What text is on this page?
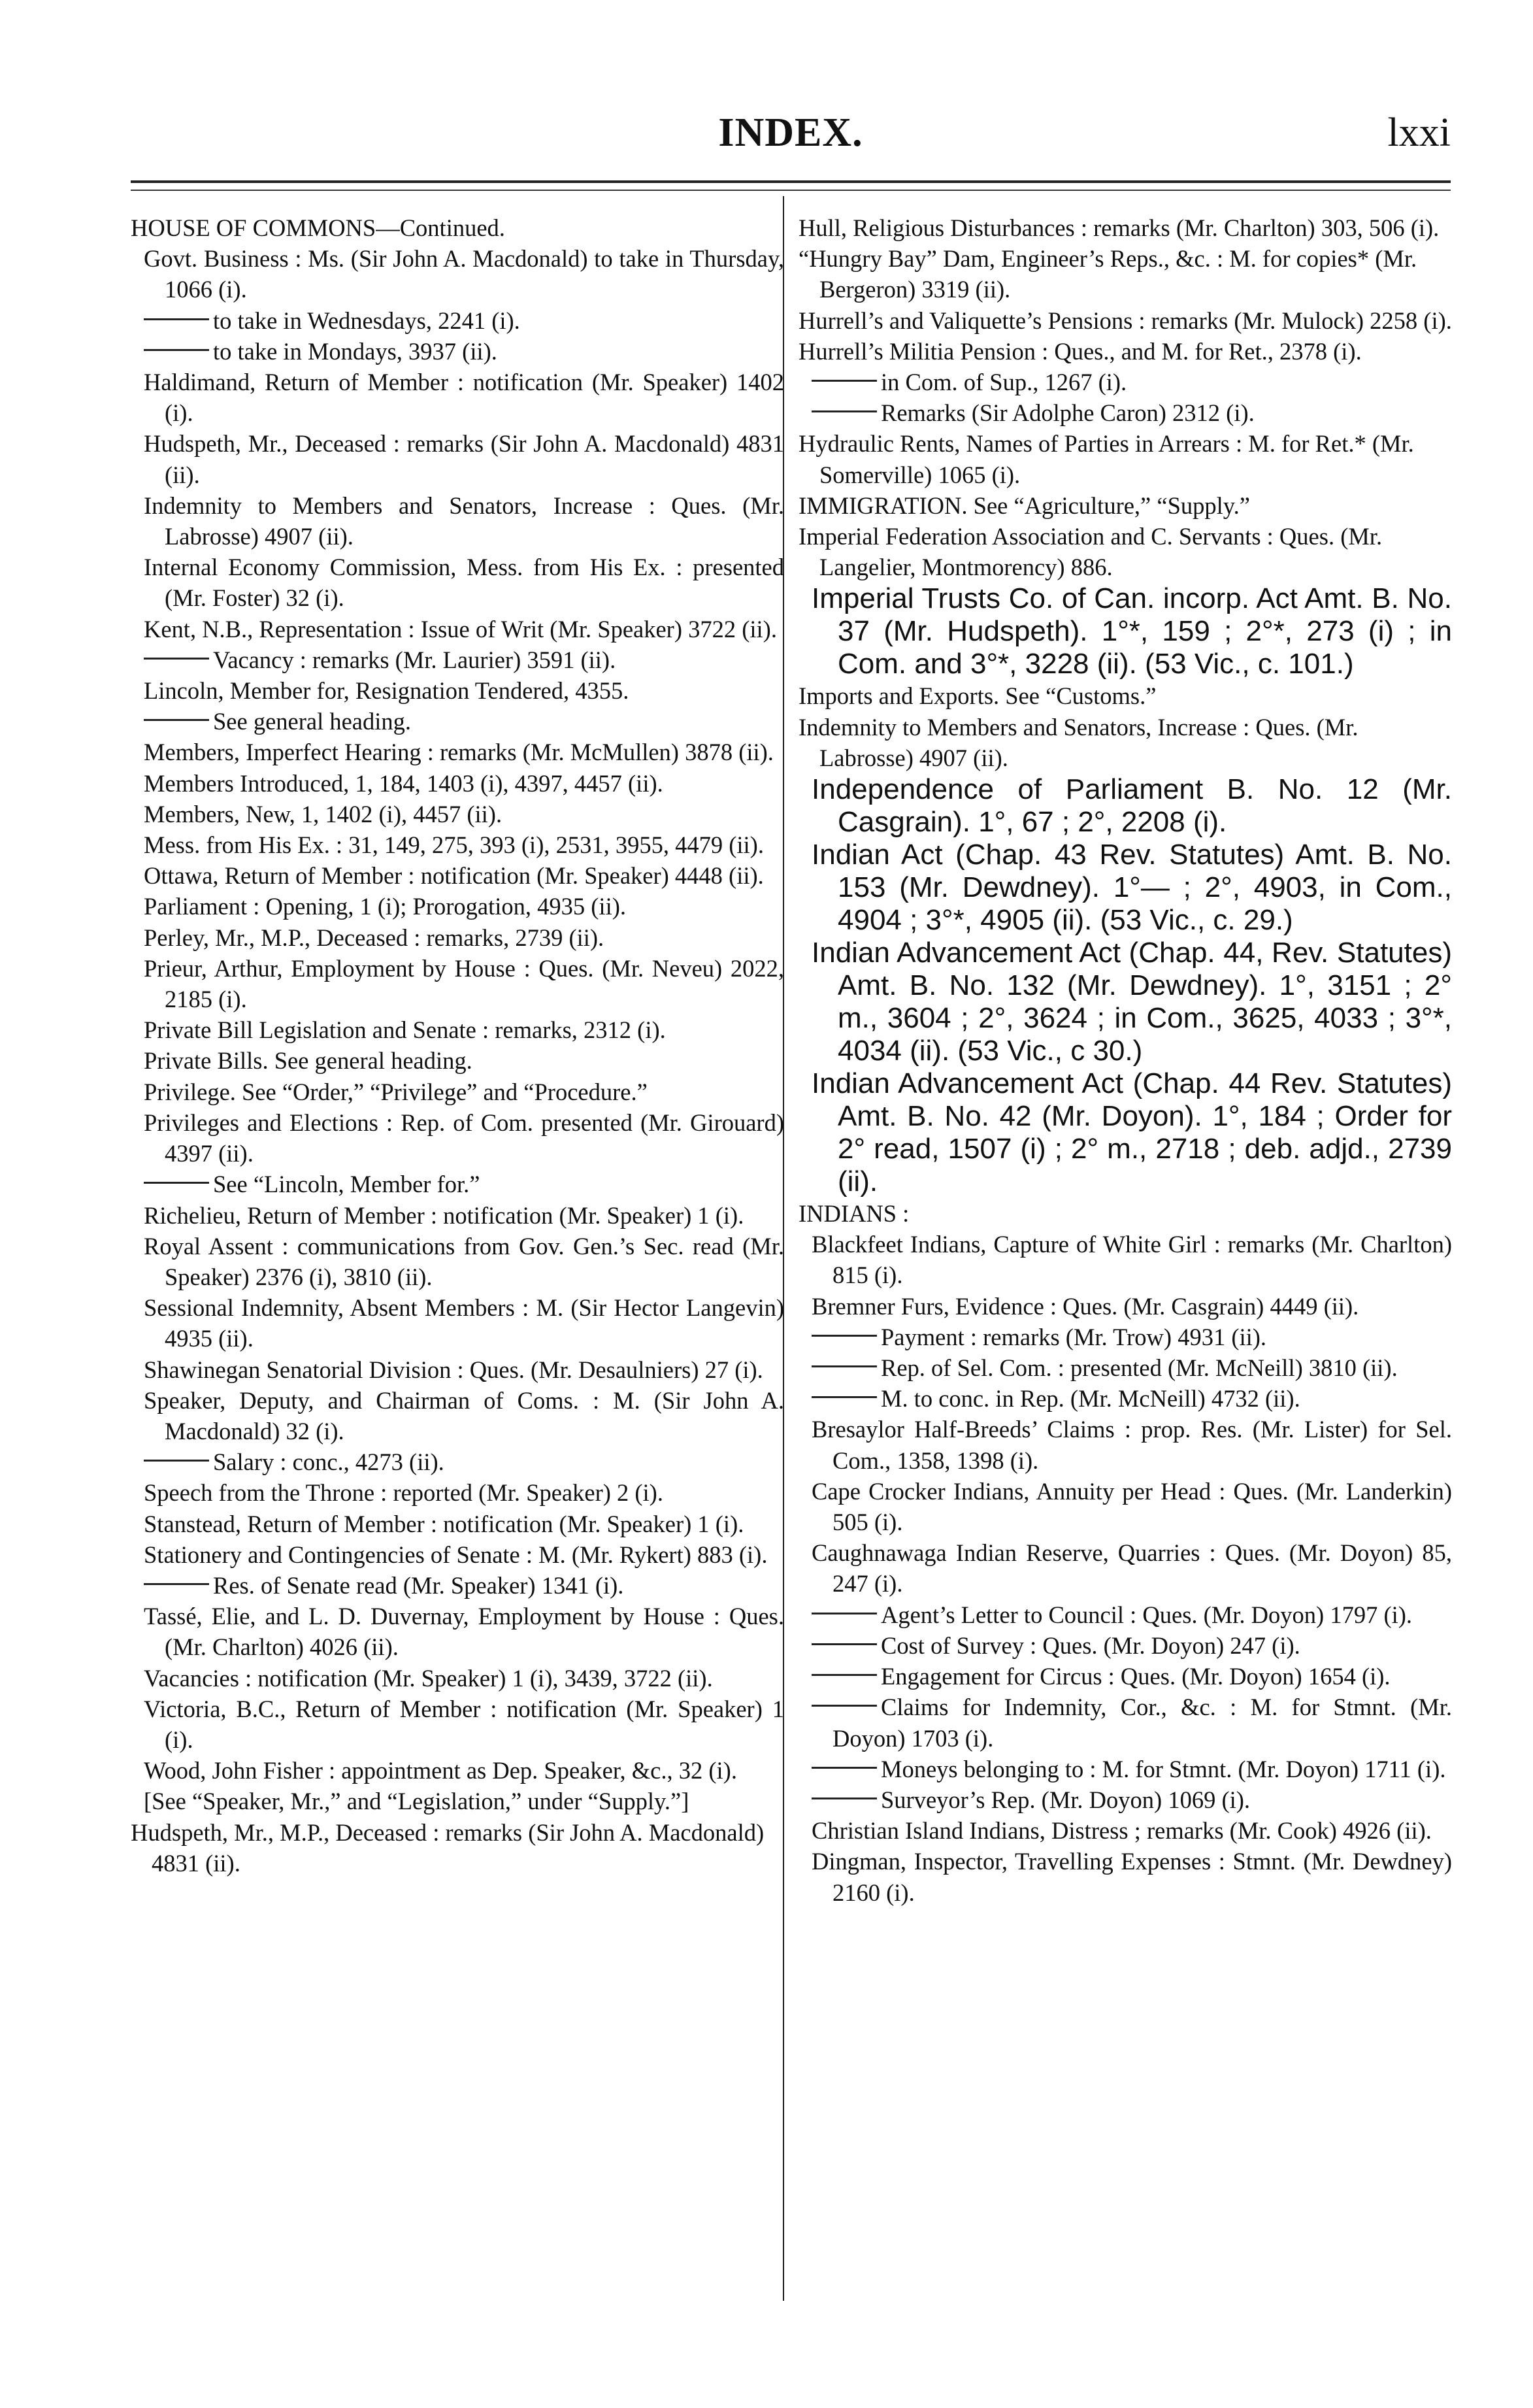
INDEX.	lxxi

HOUSE OF COMMONS—Continued.

Govt. Business : Ms. (Sir John A. Macdonald) to take in Thursday, 1066 (i).

to take in Wednesdays, 2241 (i).

to take in Mondays, 3937 (ii).

Haldimand, Return of Member : notification (Mr. Speaker) 1402 (i).

Hudspeth, Mr., Deceased : remarks (Sir John A. Macdonald) 4831 (ii).

Indemnity to Members and Senators, Increase : Ques. (Mr. Labrosse) 4907 (ii).

Internal Economy Commission, Mess. from His Ex. : presented (Mr. Foster) 32 (i).

Kent, N.B., Representation : Issue of Writ (Mr. Speaker) 3722 (ii).

Vacancy : remarks (Mr. Laurier) 3591 (ii).

Lincoln, Member for, Resignation Tendered, 4355.

See general heading.

Members, Imperfect Hearing : remarks (Mr. McMullen) 3878 (ii).

Members Introduced, 1, 184, 1403 (i), 4397, 4457 (ii).

Members, New, 1, 1402 (i), 4457 (ii).

Mess. from His Ex. : 31, 149, 275, 393 (i), 2531, 3955, 4479 (ii).

Ottawa, Return of Member : notification (Mr. Speaker) 4448 (ii).

Parliament : Opening, 1 (i); Prorogation, 4935 (ii).

Perley, Mr., M.P., Deceased : remarks, 2739 (ii).

Prieur, Arthur, Employment by House : Ques. (Mr. Neveu) 2022, 2185 (i).

Private Bill Legislation and Senate : remarks, 2312 (i).

Private Bills. See general heading.

Privilege. See “Order,” “Privilege” and “Procedure.”

Privileges and Elections : Rep. of Com. presented (Mr. Girouard) 4397 (ii).

See “Lincoln, Member for.”

Richelieu, Return of Member : notification (Mr. Speaker) 1 (i).

Royal Assent : communications from Gov. Gen.’s Sec. read (Mr. Speaker) 2376 (i), 3810 (ii).

Sessional Indemnity, Absent Members : M. (Sir Hector Langevin) 4935 (ii).

Shawinegan Senatorial Division : Ques. (Mr. Desaulniers) 27 (i).

Speaker, Deputy, and Chairman of Coms. : M. (Sir John A. Macdonald) 32 (i).

Salary : conc., 4273 (ii).

Speech from the Throne : reported (Mr. Speaker) 2 (i).

Stanstead, Return of Member : notification (Mr. Speaker) 1 (i).

Stationery and Contingencies of Senate : M. (Mr. Rykert) 883 (i).

Res. of Senate read (Mr. Speaker) 1341 (i).

Tassé, Elie, and L. D. Duvernay, Employment by House : Ques. (Mr. Charlton) 4026 (ii).

Vacancies : notification (Mr. Speaker) 1 (i), 3439, 3722 (ii).

Victoria, B.C., Return of Member : notification (Mr. Speaker) 1 (i).

Wood, John Fisher : appointment as Dep. Speaker, &c., 32 (i).

[See “Speaker, Mr.,” and “Legislation,” under “Supply.”]

Hudspeth, Mr., M.P., Deceased : remarks (Sir John A. Macdonald) 4831 (ii).

Hull, Religious Disturbances : remarks (Mr. Charlton) 303, 506 (i).

“Hungry Bay” Dam, Engineer’s Reps., &c. : M. for copies* (Mr. Bergeron) 3319 (ii).

Hurrell’s and Valiquette’s Pensions : remarks (Mr. Mulock) 2258 (i).

Hurrell’s Militia Pension : Ques., and M. for Ret., 2378 (i).

in Com. of Sup., 1267 (i).

Remarks (Sir Adolphe Caron) 2312 (i).

Hydraulic Rents, Names of Parties in Arrears : M. for Ret.* (Mr. Somerville) 1065 (i).

IMMIGRATION. See “Agriculture,” “Supply.”

Imperial Federation Association and C. Servants : Ques. (Mr. Langelier, Montmorency) 886.

Imperial Trusts Co. of Can. incorp. Act Amt. B. No. 37 (Mr. Hudspeth). 1°*, 159 ; 2°*, 273 (i) ; in Com. and 3°*, 3228 (ii). (53 Vic., c. 101.)

Imports and Exports. See “Customs.”

Indemnity to Members and Senators, Increase : Ques. (Mr. Labrosse) 4907 (ii).

Independence of Parliament B. No. 12 (Mr. Casgrain). 1°, 67 ; 2°, 2208 (i).

Indian Act (Chap. 43 Rev. Statutes) Amt. B. No. 153 (Mr. Dewdney). 1°— ; 2°, 4903, in Com., 4904 ; 3°*, 4905 (ii). (53 Vic., c. 29.)

Indian Advancement Act (Chap. 44, Rev. Statutes) Amt. B. No. 132 (Mr. Dewdney). 1°, 3151 ; 2° m., 3604 ; 2°, 3624 ; in Com., 3625, 4033 ; 3°*, 4034 (ii). (53 Vic., c 30.)

Indian Advancement Act (Chap. 44 Rev. Statutes) Amt. B. No. 42 (Mr. Doyon). 1°, 184 ; Order for 2° read, 1507 (i) ; 2° m., 2718 ; deb. adjd., 2739 (ii).

INDIANS :

Blackfeet Indians, Capture of White Girl : remarks (Mr. Charlton) 815 (i).

Bremner Furs, Evidence : Ques. (Mr. Casgrain) 4449 (ii).

Payment : remarks (Mr. Trow) 4931 (ii).

Rep. of Sel. Com. : presented (Mr. McNeill) 3810 (ii).

M. to conc. in Rep. (Mr. McNeill) 4732 (ii).

Bresaylor Half-Breeds’ Claims : prop. Res. (Mr. Lister) for Sel. Com., 1358, 1398 (i).

Cape Crocker Indians, Annuity per Head : Ques. (Mr. Landerkin) 505 (i).

Caughnawaga Indian Reserve, Quarries : Ques. (Mr. Doyon) 85, 247 (i).

Agent’s Letter to Council : Ques. (Mr. Doyon) 1797 (i).

Cost of Survey : Ques. (Mr. Doyon) 247 (i).

Engagement for Circus : Ques. (Mr. Doyon) 1654 (i).

Claims for Indemnity, Cor., &c. : M. for Stmnt. (Mr. Doyon) 1703 (i).

Moneys belonging to : M. for Stmnt. (Mr. Doyon) 1711 (i).

Surveyor’s Rep. (Mr. Doyon) 1069 (i).

Christian Island Indians, Distress ; remarks (Mr. Cook) 4926 (ii).

Dingman, Inspector, Travelling Expenses : Stmnt. (Mr. Dewdney) 2160 (i).
